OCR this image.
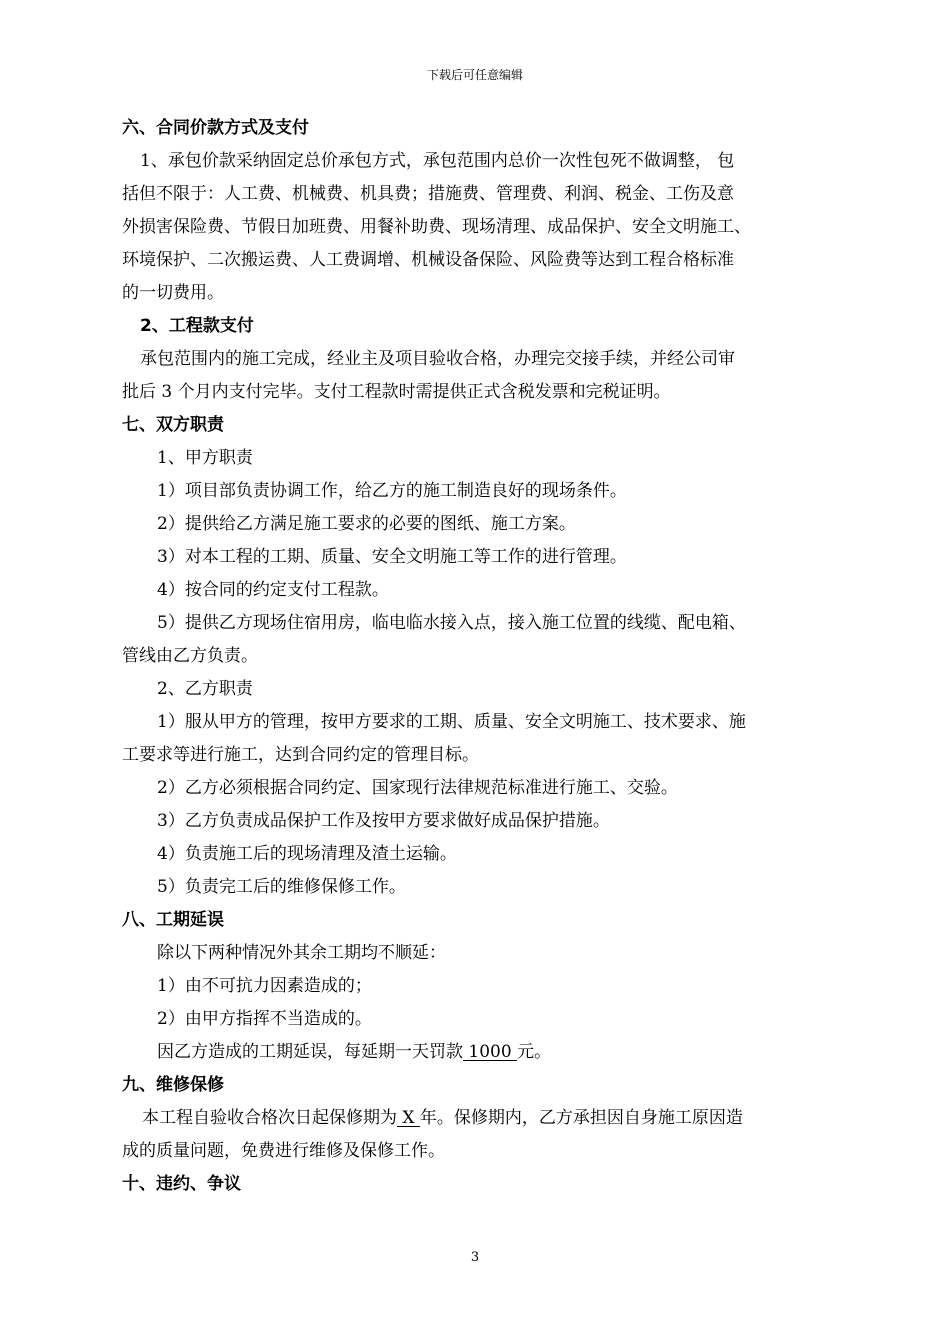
下载后可任意编辑
六、合同价款方式及支付
1、承包价款采纳固定总价承包方式，承包范围内总价一次性包死不做调整， 包
括但不限于：人工费、机械费、机具费；措施费、管理费、利润、税金、工伤及意
外损害保险费、节假日加班费、用餐补助费、现场清理、成品保护、安全文明施工、
环境保护、二次搬运费、人工费调增、机械设备保险、风险费等达到工程合格标准
的一切费用。
2、工程款支付
承包范围内的施工完成，经业主及项目验收合格，办理完交接手续，并经公司审
批后 3 个月内支付完毕。支付工程款时需提供正式含税发票和完税证明。
七、双方职责
1、甲方职责
1）项目部负责协调工作，给乙方的施工制造良好的现场条件。
2）提供给乙方满足施工要求的必要的图纸、施工方案。
3）对本工程的工期、质量、安全文明施工等工作的进行管理。
4）按合同的约定支付工程款。
5）提供乙方现场住宿用房，临电临水接入点，接入施工位置的线缆、配电箱、
管线由乙方负责。
2、乙方职责
1）服从甲方的管理，按甲方要求的工期、质量、安全文明施工、技术要求、施
工要求等进行施工，达到合同约定的管理目标。
2）乙方必须根据合同约定、国家现行法律规范标准进行施工、交验。
3）乙方负责成品保护工作及按甲方要求做好成品保护措施。
4）负责施工后的现场清理及渣土运输。
5）负责完工后的维修保修工作。
八、工期延误
除以下两种情况外其余工期均不顺延：
1）由不可抗力因素造成的；
2）由甲方指挥不当造成的。
因乙方造成的工期延误，每延期一天罚款 1000 元。
九、维修保修
本工程自验收合格次日起保修期为 X 年。保修期内，乙方承担因自身施工原因造
成的质量问题，免费进行维修及保修工作。
十、违约、争议
3
